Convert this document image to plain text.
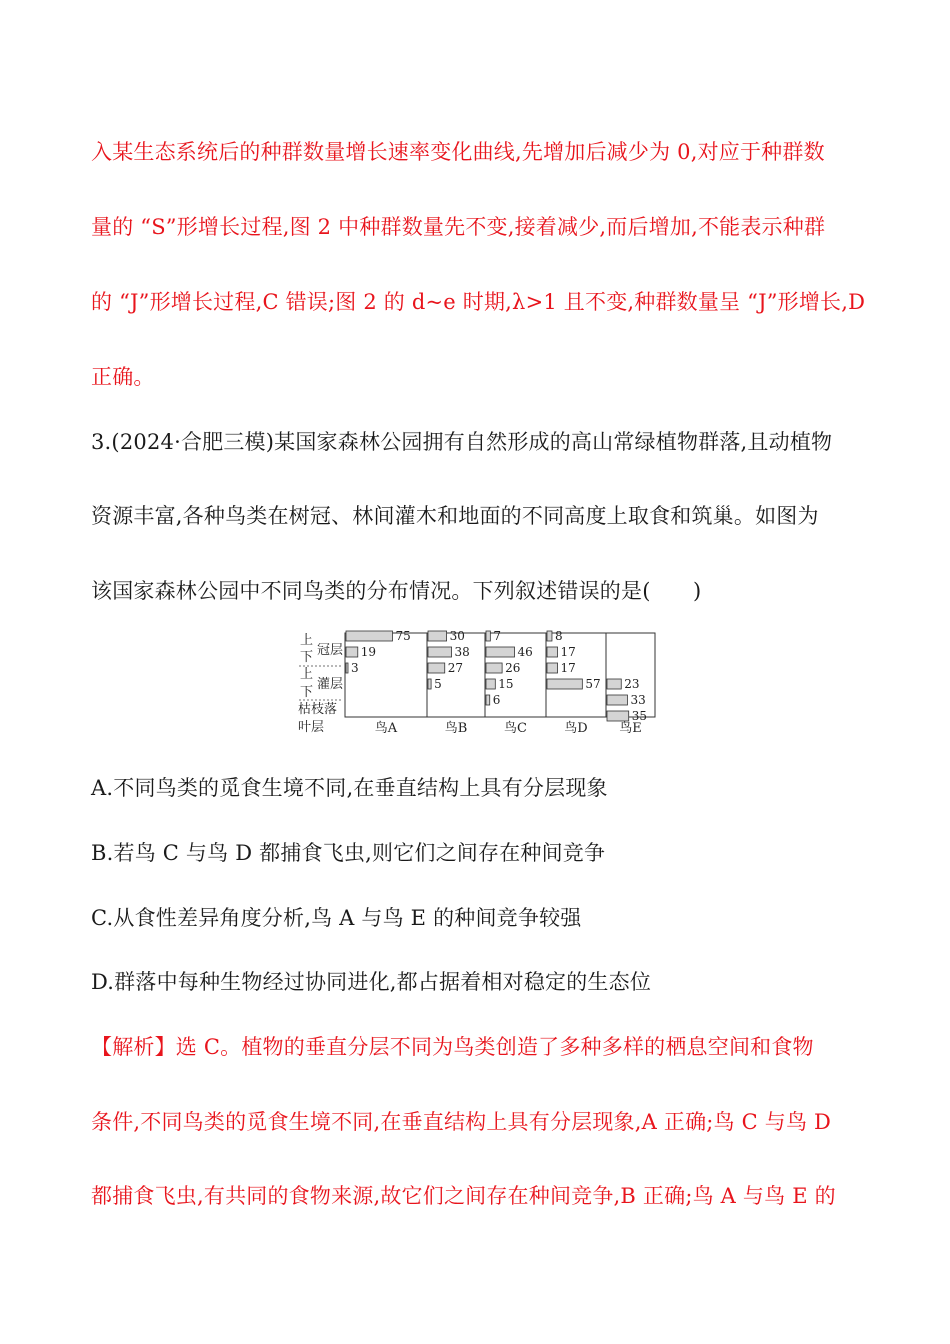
入某生态系统后的种群数量增长速率变化曲线,先增加后减少为 0,对应于种群数
量的 “S”形增长过程,图 2 中种群数量先不变,接着减少,而后增加,不能表示种群
的 “J”形增长过程,C 错误;图 2 的 d~e 时期,λ>1 且不变,种群数量呈 “J”形增长,D
正确。
3.(2024·合肥三模)某国家森林公园拥有自然形成的高山常绿植物群落,且动植物
资源丰富,各种鸟类在树冠、林间灌木和地面的不同高度上取食和筑巢。如图为
该国家森林公园中不同鸟类的分布情况。下列叙述错误的是(　　)
上
冠层
下
上
灌层
下
枯枝落
叶层	鸟A	鸟B	鸟C	鸟D 鸟E
75
19
3
30
38
27
5
7
46
26
15
6
8
17
17
57 23
33
35
A.不同鸟类的觅食生境不同,在垂直结构上具有分层现象
B.若鸟 C 与鸟 D 都捕食飞虫,则它们之间存在种间竞争
C.从食性差异角度分析,鸟 A 与鸟 E 的种间竞争较强
D.群落中每种生物经过协同进化,都占据着相对稳定的生态位
【解析】选 C。植物的垂直分层不同为鸟类创造了多种多样的栖息空间和食物
条件,不同鸟类的觅食生境不同,在垂直结构上具有分层现象,A 正确;鸟 C 与鸟 D
都捕食飞虫,有共同的食物来源,故它们之间存在种间竞争,B 正确;鸟 A 与鸟 E 的
